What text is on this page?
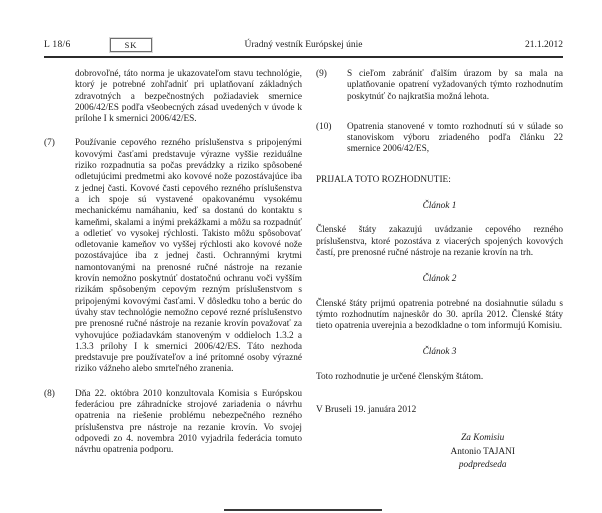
L 18/6	SK	Úradný vestník Európskej únie	21.1.2012

dobrovoľné, táto norma je ukazovateľom stavu technológie, ktorý je potrebné zohľadniť pri uplatňovaní základných zdravotných a bezpečnostných požiadaviek smernice 2006/42/ES podľa všeobecných zásad uvedených v úvode k prílohe I k smernici 2006/42/ES.

(7)	Používanie cepového rezného príslušenstva s pripojenými kovovými časťami predstavuje výrazne vyššie reziduálne riziko rozpadnutia sa počas prevádzky a riziko spôsobené odletujúcimi predmetmi ako kovové nože pozostávajúce iba z jednej časti. Kovové časti cepového rezného príslušenstva a ich spoje sú vystavené opakovanému vysokému mechanickému namáhaniu, keď sa dostanú do kontaktu s kameňmi, skalami a inými prekážkami a môžu sa rozpadnúť a odletieť vo vysokej rýchlosti. Takisto môžu spôsobovať odletovanie kameňov vo vyššej rýchlosti ako kovové nože pozostávajúce iba z jednej časti. Ochrannými krytmi namontovanými na prenosné ručné nástroje na rezanie krovín nemožno poskytnúť dostatočnú ochranu voči vyšším rizikám spôsobeným cepovým rezným príslušenstvom s pripojenými kovovými časťami. V dôsledku toho a berúc do úvahy stav technológie nemožno cepové rezné príslušenstvo pre prenosné ručné nástroje na rezanie krovín považovať za vyhovujúce požiadavkám stanoveným v oddieloch 1.3.2 a 1.3.3 prílohy I k smernici 2006/42/ES. Táto nezhoda predstavuje pre používateľov a iné prítomné osoby výrazné riziko vážneho alebo smrteľného zranenia.

(8)	Dňa 22. októbra 2010 konzultovala Komisia s Európskou federáciou pre záhradnícke strojové zariadenia o návrhu opatrenia na riešenie problému nebezpečného rezného príslušenstva pre nástroje na rezanie krovín. Vo svojej odpovedi zo 4. novembra 2010 vyjadrila federácia tomuto návrhu opatrenia podporu.

(9)	S cieľom zabrániť ďalším úrazom by sa mala na uplatňovanie opatrení vyžadovaných týmto rozhodnutím poskytnúť čo najkratšia možná lehota.

(10)	Opatrenia stanovené v tomto rozhodnutí sú v súlade so stanoviskom výboru zriadeného podľa článku 22 smernice 2006/42/ES,

PRIJALA TOTO ROZHODNUTIE:

Článok 1

Členské štáty zakazujú uvádzanie cepového rezného príslušenstva, ktoré pozostáva z viacerých spojených kovových častí, pre prenosné ručné nástroje na rezanie krovín na trh.

Článok 2

Členské štáty prijmú opatrenia potrebné na dosiahnutie súladu s týmto rozhodnutím najneskôr do 30. apríla 2012. Členské štáty tieto opatrenia uverejnia a bezodkladne o tom informujú Komisiu.

Článok 3

Toto rozhodnutie je určené členským štátom.

V Bruseli 19. januára 2012

Za Komisiu
Antonio TAJANI
podpredseda
